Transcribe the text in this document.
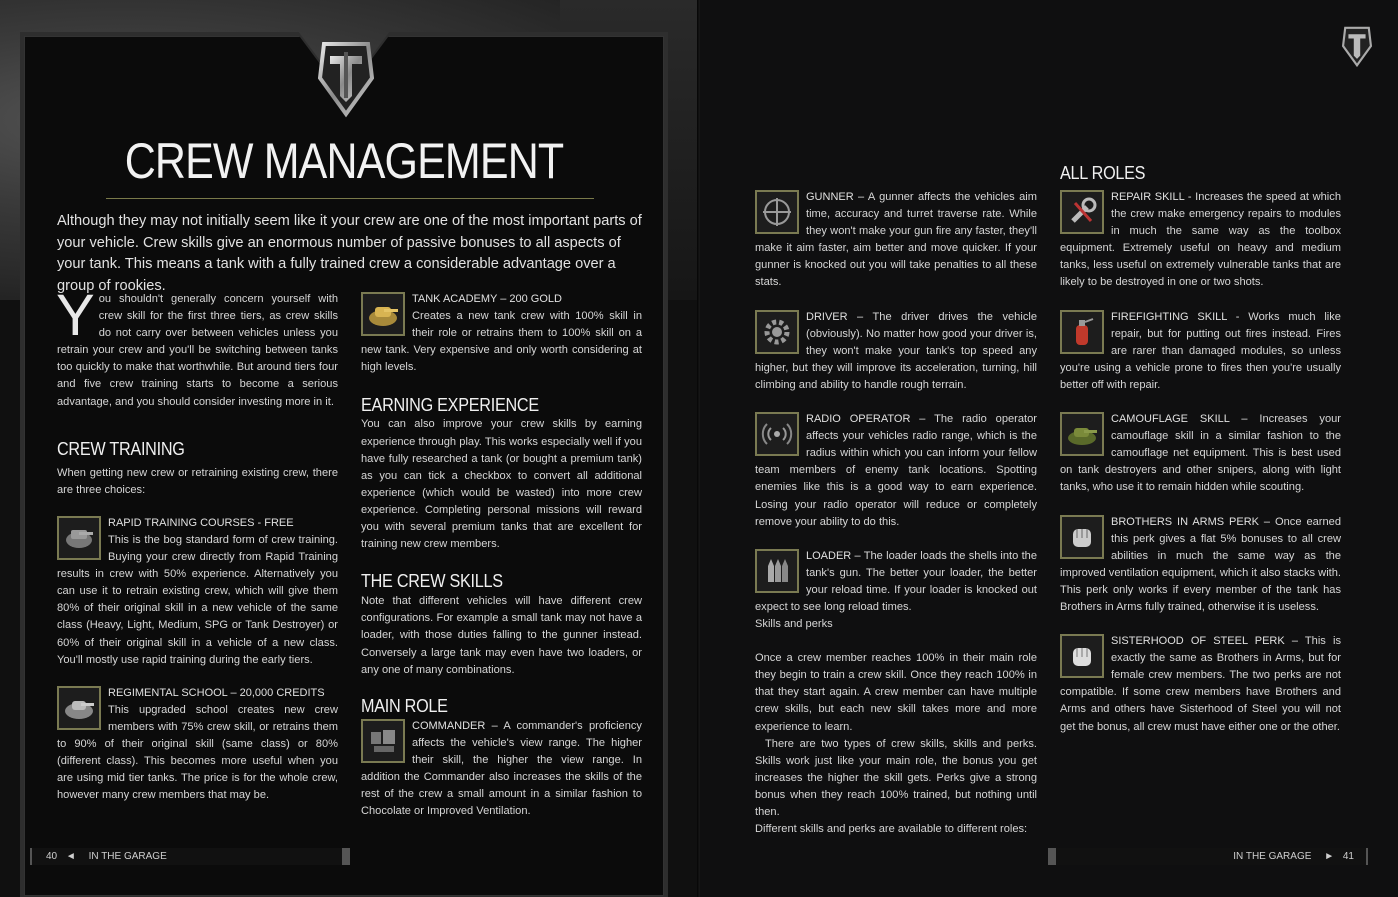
CREW MANAGEMENT
Although they may not initially seem like it your crew are one of the most important parts of your vehicle. Crew skills give an enormous number of passive bonuses to all aspects of your tank. This means a tank with a fully trained crew a considerable advantage over a group of rookies.

You shouldn't generally concern yourself with crew skill for the first three tiers, as crew skills do not carry over between vehicles unless you retrain your crew and you'll be switching between tanks too quickly to make that worthwhile. But around tiers four and five crew training starts to become a serious advantage, and you should consider investing more in it.

CREW TRAINING

When getting new crew or retraining existing crew, there are three choices:

RAPID TRAINING COURSES - FREE

This is the bog standard form of crew training. Buying your crew directly from Rapid Training results in crew with 50% experience. Alternatively you can use it to retrain existing crew, which will give them 80% of their original skill in a new vehicle of the same class (Heavy, Light, Medium, SPG or Tank Destroyer) or 60% of their original skill in a vehicle of a new class. You'll mostly use rapid training during the early tiers.

REGIMENTAL SCHOOL – 20,000 CREDITS

This upgraded school creates new crew members with 75% crew skill, or retrains them to 90% of their original skill (same class) or 80% (different class). This becomes more useful when you are using mid tier tanks. The price is for the whole crew, however many crew members that may be.

TANK ACADEMY – 200 GOLD

Creates a new tank crew with 100% skill in their role or retrains them to 100% skill on a new tank. Very expensive and only worth considering at high levels.

EARNING EXPERIENCE

You can also improve your crew skills by earning experience through play. This works especially well if you have fully researched a tank (or bought a premium tank) as you can tick a checkbox to convert all additional experience (which would be wasted) into more crew experience. Completing personal missions will reward you with several premium tanks that are excellent for training new crew members.

THE CREW SKILLS

Note that different vehicles will have different crew configurations. For example a small tank may not have a loader, with those duties falling to the gunner instead. Conversely a large tank may even have two loaders, or any one of many combinations.

MAIN ROLE

COMMANDER – A commander's proficiency affects the vehicle's view range. The higher their skill, the higher the view range. In addition the Commander also increases the skills of the rest of the crew a small amount in a similar fashion to Chocolate or Improved Ventilation.

GUNNER – A gunner affects the vehicles aim time, accuracy and turret traverse rate. While they won't make your gun fire any faster, they'll make it aim faster, aim better and move quicker. If your gunner is knocked out you will take penalties to all these stats.

DRIVER – The driver drives the vehicle (obviously). No matter how good your driver is, they won't make your tank's top speed any higher, but they will improve its acceleration, turning, hill climbing and ability to handle rough terrain.

RADIO OPERATOR – The radio operator affects your vehicles radio range, which is the radius within which you can inform your fellow team members of enemy tank locations. Spotting enemies like this is a good way to earn experience. Losing your radio operator will reduce or completely remove your ability to do this.

LOADER – The loader loads the shells into the tank's gun. The better your loader, the better your reload time. If your loader is knocked out expect to see long reload times.

Skills and perks

Once a crew member reaches 100% in their main role they begin to train a crew skill. Once they reach 100% in that they start again. A crew member can have multiple crew skills, but each new skill takes more and more experience to learn.

There are two types of crew skills, skills and perks. Skills work just like your main role, the bonus you get increases the higher the skill gets. Perks give a strong bonus when they reach 100% trained, but nothing until then.

Different skills and perks are available to different roles:

ALL ROLES

REPAIR SKILL - Increases the speed at which the crew make emergency repairs to modules in much the same way as the toolbox equipment. Extremely useful on heavy and medium tanks, less useful on extremely vulnerable tanks that are likely to be destroyed in one or two shots.

FIREFIGHTING SKILL - Works much like repair, but for putting out fires instead. Fires are rarer than damaged modules, so unless you're using a vehicle prone to fires then you're usually better off with repair.

CAMOUFLAGE SKILL – Increases your camouflage skill in a similar fashion to the camouflage net equipment. This is best used on tank destroyers and other snipers, along with light tanks, who use it to remain hidden while scouting.

BROTHERS IN ARMS PERK – Once earned this perk gives a flat 5% bonuses to all crew abilities in much the same way as the improved ventilation equipment, which it also stacks with. This perk only works if every member of the tank has Brothers in Arms fully trained, otherwise it is useless.

SISTERHOOD OF STEEL PERK – This is exactly the same as Brothers in Arms, but for female crew members. The two perks are not compatible. If some crew members have Brothers and Arms and others have Sisterhood of Steel you will not get the bonus, all crew must have either one or the other.

40 ◄ IN THE GARAGE	IN THE GARAGE ► 41
